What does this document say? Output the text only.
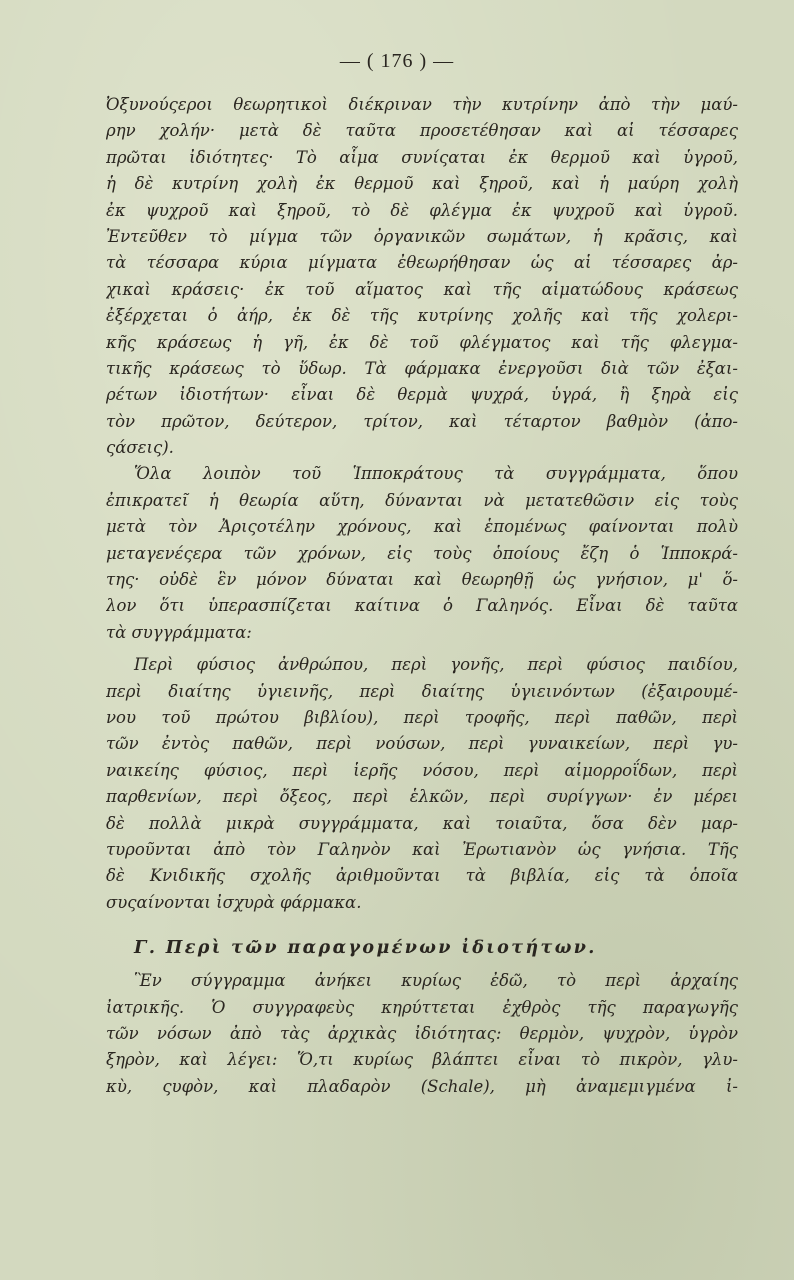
— ( 176 ) —
Ὀξυνούςεροι θεωρητικοὶ διέκριναν τὴν κυτρίνην ἀπὸ τὴν μαύ-
ρην χολήν· μετὰ δὲ ταῦτα προσετέθησαν καὶ αἱ τέσσαρες
πρῶται ἰδιότητες· Τὸ αἷμα συνίςαται ἐκ θερμοῦ καὶ ὑγροῦ,
ἡ δὲ κυτρίνη χολὴ ἐκ θερμοῦ καὶ ξηροῦ, καὶ ἡ μαύρη χολὴ
ἐκ ψυχροῦ καὶ ξηροῦ, τὸ δὲ φλέγμα ἐκ ψυχροῦ καὶ ὑγροῦ.
Ἐντεῦθεν τὸ μίγμα τῶν ὀργανικῶν σωμάτων, ἡ κρᾶσις, καὶ
τὰ τέσσαρα κύρια μίγματα ἐθεωρήθησαν ὡς αἱ τέσσαρες ἀρ-
χικαὶ κράσεις· ἐκ τοῦ αἵματος καὶ τῆς αἱματώδους κράσεως
ἐξέρχεται ὁ ἀήρ, ἐκ δὲ τῆς κυτρίνης χολῆς καὶ τῆς χολερι-
κῆς κράσεως ἡ γῆ, ἐκ δὲ τοῦ φλέγματος καὶ τῆς φλεγμα-
τικῆς κράσεως τὸ ὕδωρ. Τὰ φάρμακα ἐνεργοῦσι διὰ τῶν ἐξαι-
ρέτων ἰδιοτήτων· εἶναι δὲ θερμὰ ψυχρά, ὑγρά, ἢ ξηρὰ εἰς
τὸν πρῶτον, δεύτερον, τρίτον, καὶ τέταρτον βαθμὸν (ἀπο-
ςάσεις).
Ὅλα λοιπὸν τοῦ Ἱπποκράτους τὰ συγγράμματα, ὅπου
ἐπικρατεῖ ἡ θεωρία αὕτη, δύνανται νὰ μετατεθῶσιν εἰς τοὺς
μετὰ τὸν Ἀριςοτέλην χρόνους, καὶ ἑπομένως φαίνονται πολὺ
μεταγενέςερα τῶν χρόνων, εἰς τοὺς ὁποίους ἔζη ὁ Ἱπποκρά-
της· οὐδὲ ἓν μόνον δύναται καὶ θεωρηθῇ ὡς γνήσιον, μ' ὅ-
λον ὅτι ὑπερασπίζεται καίτινα ὁ Γαληνός. Εἶναι δὲ ταῦτα
τὰ συγγράμματα:
Περὶ φύσιος ἀνθρώπου, περὶ γονῆς, περὶ φύσιος παιδίου,
περὶ διαίτης ὑγιεινῆς, περὶ διαίτης ὑγιεινόντων (ἐξαιρουμέ-
νου τοῦ πρώτου βιβλίου), περὶ τροφῆς, περὶ παθῶν, περὶ
τῶν ἐντὸς παθῶν, περὶ νούσων, περὶ γυναικείων, περὶ γυ-
ναικείης φύσιος, περὶ ἱερῆς νόσου, περὶ αἱμορροΐδων, περὶ
παρθενίων, περὶ ὄξεος, περὶ ἑλκῶν, περὶ συρίγγων· ἐν μέρει
δὲ πολλὰ μικρὰ συγγράμματα, καὶ τοιαῦτα, ὅσα δὲν μαρ-
τυροῦνται ἀπὸ τὸν Γαληνὸν καὶ Ἐρωτιανὸν ὡς γνήσια. Τῆς
δὲ Κνιδικῆς σχολῆς ἀριθμοῦνται τὰ βιβλία, εἰς τὰ ὁποῖα
συςαίνονται ἰσχυρὰ φάρμακα.
Γ. Περὶ τῶν παραγομένων ἰδιοτήτων.
Ἓν σύγγραμμα ἀνήκει κυρίως ἐδῶ, τὸ περὶ ἀρχαίης
ἰατρικῆς. Ὁ συγγραφεὺς κηρύττεται ἐχθρὸς τῆς παραγωγῆς
τῶν νόσων ἀπὸ τὰς ἀρχικὰς ἰδιότητας: θερμὸν, ψυχρὸν, ὑγρὸν
ξηρὸν, καὶ λέγει: Ὅ,τι κυρίως βλάπτει εἶναι τὸ πικρὸν, γλυ-
κὺ, ςυφὸν, καὶ πλαδαρὸν (Schale), μὴ ἀναμεμιγμένα ἰ-
